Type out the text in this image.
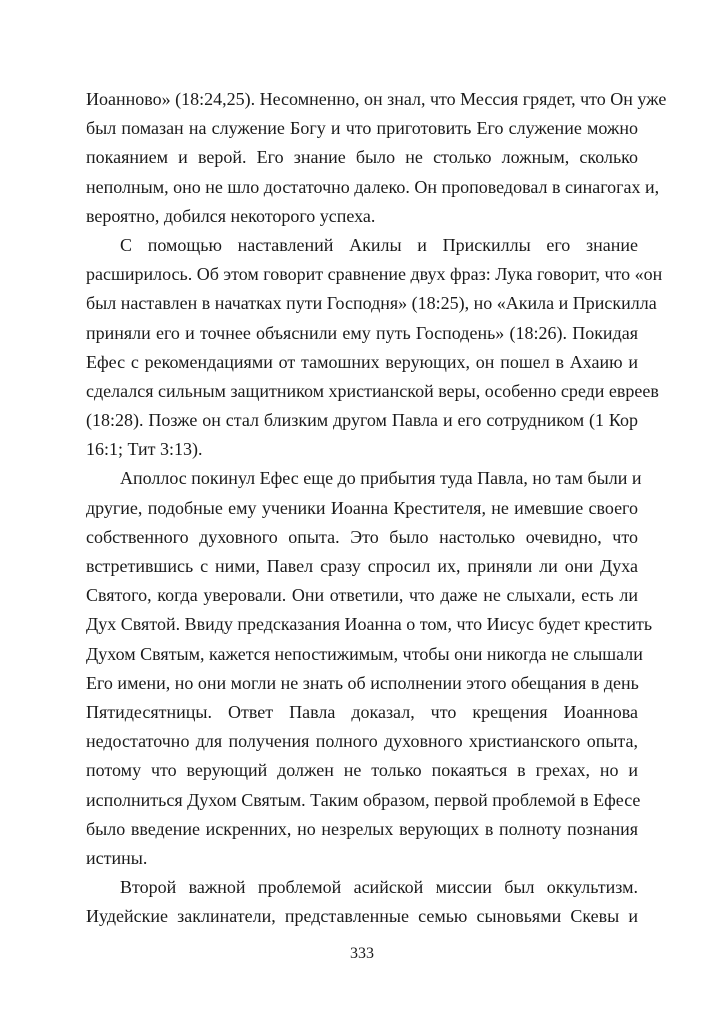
Иоанново» (18:24,25). Несомненно, он знал, что Мессия грядет, что Он уже
был помазан на служение Богу и что приготовить Его служение можно
покаянием и верой. Его знание было не столько ложным, сколько
неполным, оно не шло достаточно далеко. Он проповедовал в синагогах и,
вероятно, добился некоторого успеха.
С помощью наставлений Акилы и Прискиллы его знание
расширилось. Об этом говорит сравнение двух фраз: Лука говорит, что «он
был наставлен в начатках пути Господня» (18:25), но «Акила и Прискилла
приняли его и точнее объяснили ему путь Господень» (18:26). Покидая
Ефес с рекомендациями от тамошних верующих, он пошел в Ахаию и
сделался сильным защитником христианской веры, особенно среди евреев
(18:28). Позже он стал близким другом Павла и его сотрудником (1 Кор
16:1; Тит 3:13).
Аполлос покинул Ефес еще до прибытия туда Павла, но там были и
другие, подобные ему ученики Иоанна Крестителя, не имевшие своего
собственного духовного опыта. Это было настолько очевидно, что
встретившись с ними, Павел сразу спросил их, приняли ли они Духа
Святого, когда уверовали. Они ответили, что даже не слыхали, есть ли
Дух Святой. Ввиду предсказания Иоанна о том, что Иисус будет крестить
Духом Святым, кажется непостижимым, чтобы они никогда не слышали
Его имени, но они могли не знать об исполнении этого обещания в день
Пятидесятницы. Ответ Павла доказал, что крещения Иоаннова
недостаточно для получения полного духовного христианского опыта,
потому что верующий должен не только покаяться в грехах, но и
исполниться Духом Святым. Таким образом, первой проблемой в Ефесе
было введение искренних, но незрелых верующих в полноту познания
истины.
Второй важной проблемой асийской миссии был оккультизм.
Иудейские заклинатели, представленные семью сыновьями Скевы и
333
